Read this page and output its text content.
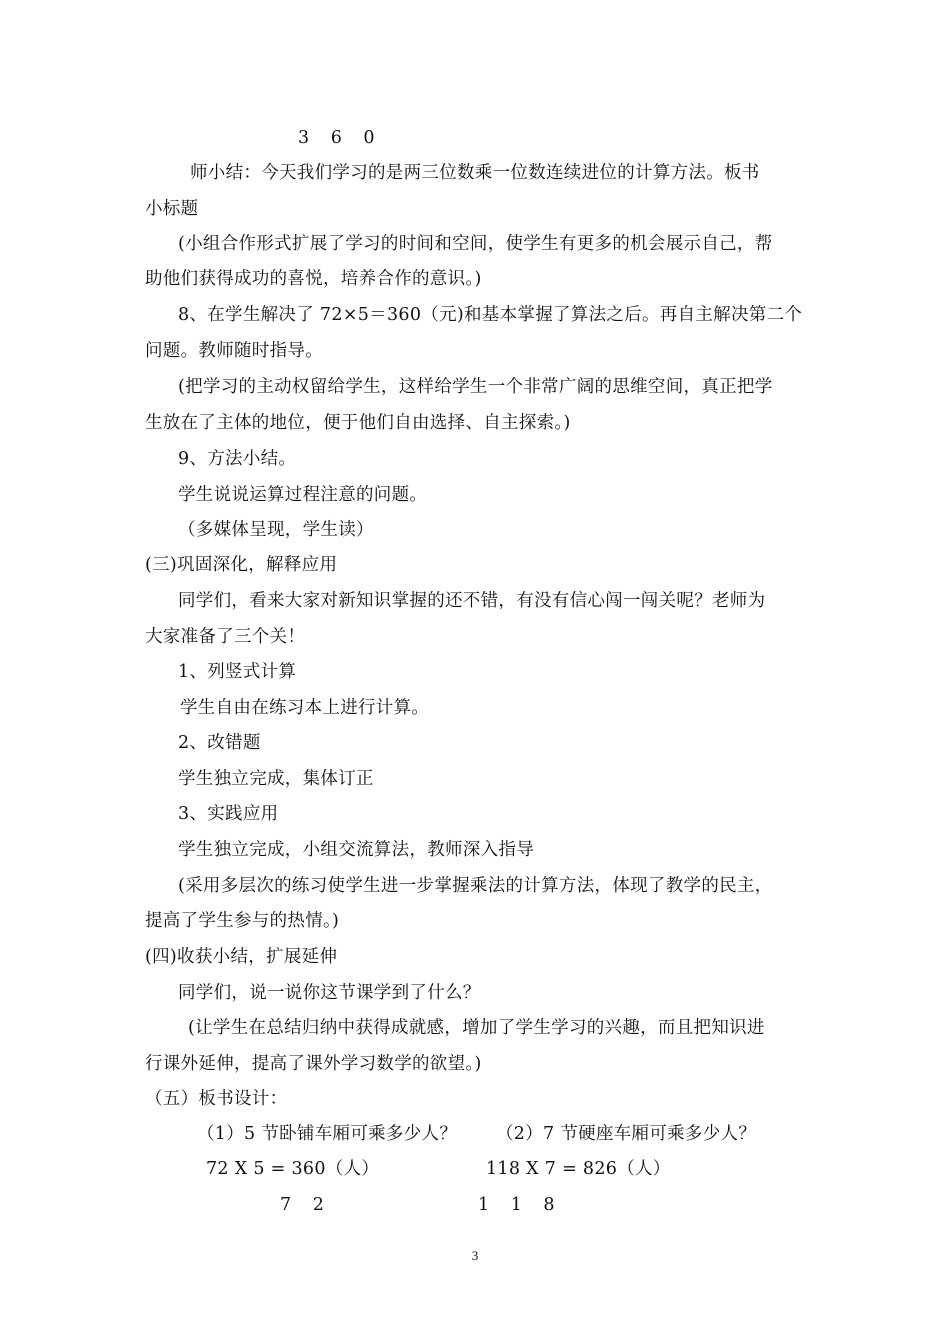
3 6 0
师小结：今天我们学习的是两三位数乘一位数连续进位的计算方法。板书
小标题
(小组合作形式扩展了学习的时间和空间，使学生有更多的机会展示自己，帮
助他们获得成功的喜悦，培养合作的意识。)
8、在学生解决了 72×5＝360（元)和基本掌握了算法之后。再自主解决第二个
问题。教师随时指导。
(把学习的主动权留给学生，这样给学生一个非常广阔的思维空间，真正把学
生放在了主体的地位，便于他们自由选择、自主探索。)
9、方法小结。
学生说说运算过程注意的问题。
（多媒体呈现，学生读）
(三)巩固深化，解释应用
同学们，看来大家对新知识掌握的还不错，有没有信心闯一闯关呢？老师为
大家准备了三个关！
1、列竖式计算
学生自由在练习本上进行计算。
2、改错题
学生独立完成，集体订正
3、实践应用
学生独立完成，小组交流算法，教师深入指导
(采用多层次的练习使学生进一步掌握乘法的计算方法，体现了教学的民主，
提高了学生参与的热情。)
(四)收获小结，扩展延伸
同学们，说一说你这节课学到了什么？
(让学生在总结归纳中获得成就感，增加了学生学习的兴趣，而且把知识进
行课外延伸，提高了课外学习数学的欲望。)
（五）板书设计：
（1）5 节卧铺车厢可乘多少人？ （2）7 节硬座车厢可乘多少人？
72 X 5 = 360（人）	118 X 7 = 826（人）
7 2	1 1 8
3
